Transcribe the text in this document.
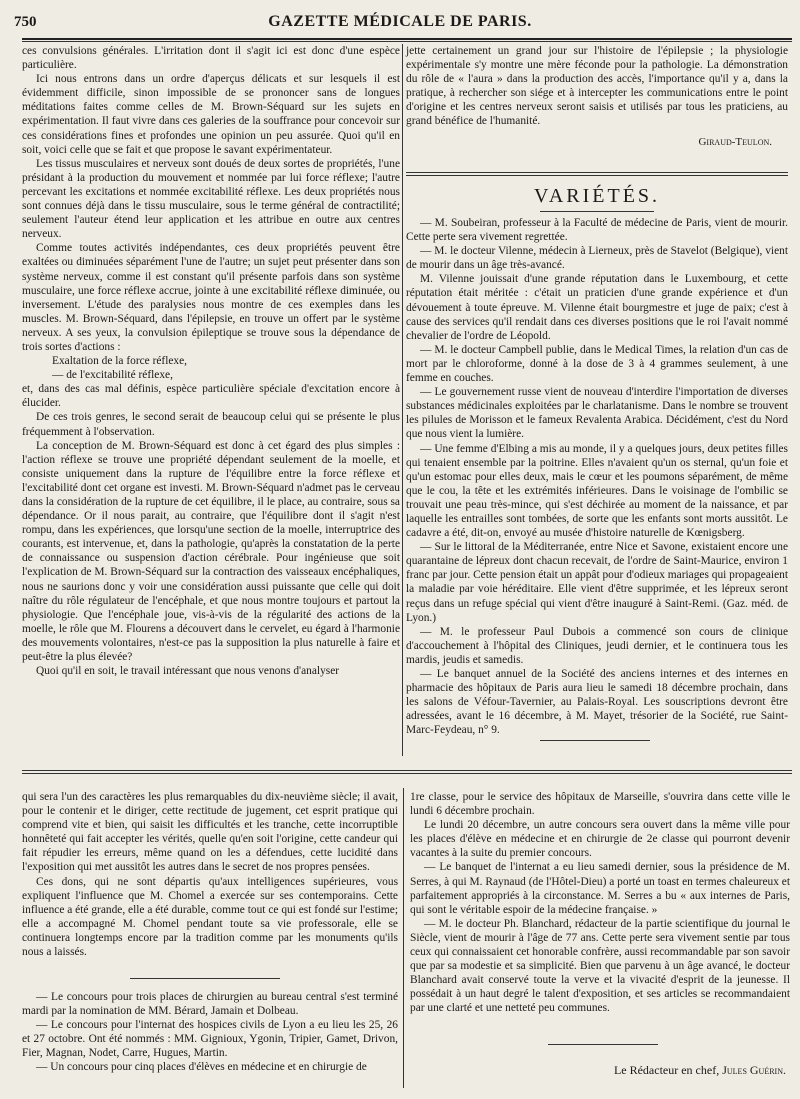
750	GAZETTE MÉDICALE DE PARIS.

ces convulsions générales. L'irritation dont il s'agit ici est donc d'une espèce particulière.

Ici nous entrons dans un ordre d'aperçus délicats et sur lesquels il est évidemment difficile, sinon impossible de se prononcer sans de longues méditations faites comme celles de M. Brown-Séquard sur les sujets en expérimentation. Il faut vivre dans ces galeries de la souffrance pour concevoir sur ces considérations fines et profondes une opinion un peu assurée. Quoi qu'il en soit, voici celle que se fait et que propose le savant expérimentateur.

Les tissus musculaires et nerveux sont doués de deux sortes de propriétés, l'une présidant à la production du mouvement et nommée par lui force réflexe; l'autre percevant les excitations et nommée excitabilité réflexe. Les deux propriétés nous sont connues déjà dans le tissu musculaire, sous le terme général de contractilité; seulement l'auteur étend leur application et les attribue en outre aux centres nerveux.

Comme toutes activités indépendantes, ces deux propriétés peuvent être exaltées ou diminuées séparément l'une de l'autre; un sujet peut présenter dans son système nerveux, comme il est constant qu'il présente parfois dans son système musculaire, une force réflexe accrue, jointe à une excitabilité réflexe diminuée, ou inversement. L'étude des paralysies nous montre de ces exemples dans les muscles. M. Brown-Séquard, dans l'épilepsie, en trouve un offert par le système nerveux. A ses yeux, la convulsion épileptique se trouve sous la dépendance de trois sortes d'actions :

Exaltation de la force réflexe,

— de l'excitabilité réflexe,

et, dans des cas mal définis, espèce particulière spéciale d'excitation encore à élucider.

De ces trois genres, le second serait de beaucoup celui qui se présente le plus fréquemment à l'observation.

La conception de M. Brown-Séquard est donc à cet égard des plus simples : l'action réflexe se trouve une propriété dépendant seulement de la moelle, et consiste uniquement dans la rupture de l'équilibre entre la force réflexe et l'excitabilité dont cet organe est investi. M. Brown-Séquard n'admet pas le cerveau dans la considération de la rupture de cet équilibre, il le place, au contraire, sous sa dépendance. Or il nous parait, au contraire, que l'équilibre dont il s'agit n'est rompu, dans les expériences, que lorsqu'une section de la moelle, interruptrice des courants, est intervenue, et, dans la pathologie, qu'après la constatation de la perte de connaissance ou suspension d'action cérébrale. Pour ingénieuse que soit l'explication de M. Brown-Séquard sur la contraction des vaisseaux encéphaliques, nous ne saurions donc y voir une considération aussi puissante que celle qui doit naître du rôle régulateur de l'encéphale, et que nous montre toujours et partout la physiologie. Que l'encéphale joue, vis-à-vis de la régularité des actions de la moelle, le rôle que M. Flourens a découvert dans le cervelet, eu égard à l'harmonie des mouvements volontaires, n'est-ce pas la supposition la plus naturelle à faire et peut-être la plus élevée?

Quoi qu'il en soit, le travail intéressant que nous venons d'analyser

jette certainement un grand jour sur l'histoire de l'épilepsie ; la physiologie expérimentale s'y montre une mère féconde pour la pathologie. La démonstration du rôle de « l'aura » dans la production des accès, l'importance qu'il y a, dans la pratique, à rechercher son siége et à intercepter les communications entre le point d'origine et les centres nerveux seront saisis et utilisés par tous les praticiens, au grand bénéfice de l'humanité.

Giraud-Teulon.
VARIÉTÉS.

— M. Soubeiran, professeur à la Faculté de médecine de Paris, vient de mourir. Cette perte sera vivement regrettée.

— M. le docteur Vilenne, médecin à Lierneux, près de Stavelot (Belgique), vient de mourir dans un âge très-avancé.

M. Vilenne jouissait d'une grande réputation dans le Luxembourg, et cette réputation était méritée : c'était un praticien d'une grande expérience et d'un dévouement à toute épreuve. M. Vilenne était bourgmestre et juge de paix; c'est à cause des services qu'il rendait dans ces diverses positions que le roi l'avait nommé chevalier de l'ordre de Léopold.

— M. le docteur Campbell publie, dans le Medical Times, la relation d'un cas de mort par le chloroforme, donné à la dose de 3 à 4 grammes seulement, à une femme en couches.

— Le gouvernement russe vient de nouveau d'interdire l'importation de diverses substances médicinales exploitées par le charlatanisme. Dans le nombre se trouvent les pilules de Morisson et le fameux Revalenta Arabica. Décidément, c'est du Nord que nous vient la lumière.

— Une femme d'Elbing a mis au monde, il y a quelques jours, deux petites filles qui tenaient ensemble par la poitrine. Elles n'avaient qu'un os sternal, qu'un foie et qu'un estomac pour elles deux, mais le cœur et les poumons séparément, de même que le cou, la tête et les extrémités inférieures. Dans le voisinage de l'ombilic se trouvait une peau très-mince, qui s'est déchirée au moment de la naissance, et par laquelle les entrailles sont tombées, de sorte que les enfants sont morts aussitôt. Le cadavre a été, dit-on, envoyé au musée d'histoire naturelle de Kœnigsberg.

— Sur le littoral de la Méditerranée, entre Nice et Savone, existaient encore une quarantaine de lépreux dont chacun recevait, de l'ordre de Saint-Maurice, environ 1 franc par jour. Cette pension était un appât pour d'odieux mariages qui propageaient la maladie par voie héréditaire. Elle vient d'être supprimée, et les lépreux seront reçus dans un refuge spécial qui vient d'être inauguré à Saint-Remi. (Gaz. méd. de Lyon.)

— M. le professeur Paul Dubois a commencé son cours de clinique d'accouchement à l'hôpital des Cliniques, jeudi dernier, et le continuera tous les mardis, jeudis et samedis.

— Le banquet annuel de la Société des anciens internes et des internes en pharmacie des hôpitaux de Paris aura lieu le samedi 18 décembre prochain, dans les salons de Véfour-Tavernier, au Palais-Royal. Les souscriptions devront être adressées, avant le 16 décembre, à M. Mayet, trésorier de la Société, rue Saint-Marc-Feydeau, n° 9.

qui sera l'un des caractères les plus remarquables du dix-neuvième siècle; il avait, pour le contenir et le diriger, cette rectitude de jugement, cet esprit pratique qui comprend vite et bien, qui saisit les difficultés et les tranche, cette incorruptible honnêteté qui fait accepter les vérités, quelle qu'en soit l'origine, cette candeur qui fait répudier les erreurs, même quand on les a défendues, cette lucidité dans l'exposition qui met aussitôt les autres dans le secret de nos propres pensées.

Ces dons, qui ne sont départis qu'aux intelligences supérieures, vous expliquent l'influence que M. Chomel a exercée sur ses contemporains. Cette influence a été grande, elle a été durable, comme tout ce qui est fondé sur l'estime; elle a accompagné M. Chomel pendant toute sa vie professorale, elle se continuera longtemps encore par la tradition comme par les monuments qu'ils nous a laissés.

— Le concours pour trois places de chirurgien au bureau central s'est terminé mardi par la nomination de MM. Bérard, Jamain et Dolbeau.

— Le concours pour l'internat des hospices civils de Lyon a eu lieu les 25, 26 et 27 octobre. Ont été nommés : MM. Gignioux, Ygonin, Tripier, Gamet, Drivon, Fier, Magnan, Nodet, Carre, Hugues, Martin.

— Un concours pour cinq places d'élèves en médecine et en chirurgie de

1re classe, pour le service des hôpitaux de Marseille, s'ouvrira dans cette ville le lundi 6 décembre prochain.

Le lundi 20 décembre, un autre concours sera ouvert dans la même ville pour les places d'élève en médecine et en chirurgie de 2e classe qui pourront devenir vacantes à la suite du premier concours.

— Le banquet de l'internat a eu lieu samedi dernier, sous la présidence de M. Serres, à qui M. Raynaud (de l'Hôtel-Dieu) a porté un toast en termes chaleureux et parfaitement appropriés à la circonstance. M. Serres a bu « aux internes de Paris, qui sont le véritable espoir de la médecine française. »

— M. le docteur Ph. Blanchard, rédacteur de la partie scientifique du journal le Siècle, vient de mourir à l'âge de 77 ans. Cette perte sera vivement sentie par tous ceux qui connaissaient cet honorable confrère, aussi recommandable par son savoir que par sa modestie et sa simplicité. Bien que parvenu à un âge avancé, le docteur Blanchard avait conservé toute la verve et la vivacité d'esprit de la jeunesse. Il possédait à un haut degré le talent d'exposition, et ses articles se recommandaient par une clarté et une netteté peu communes.

Le Rédacteur en chef, Jules Guérin.
